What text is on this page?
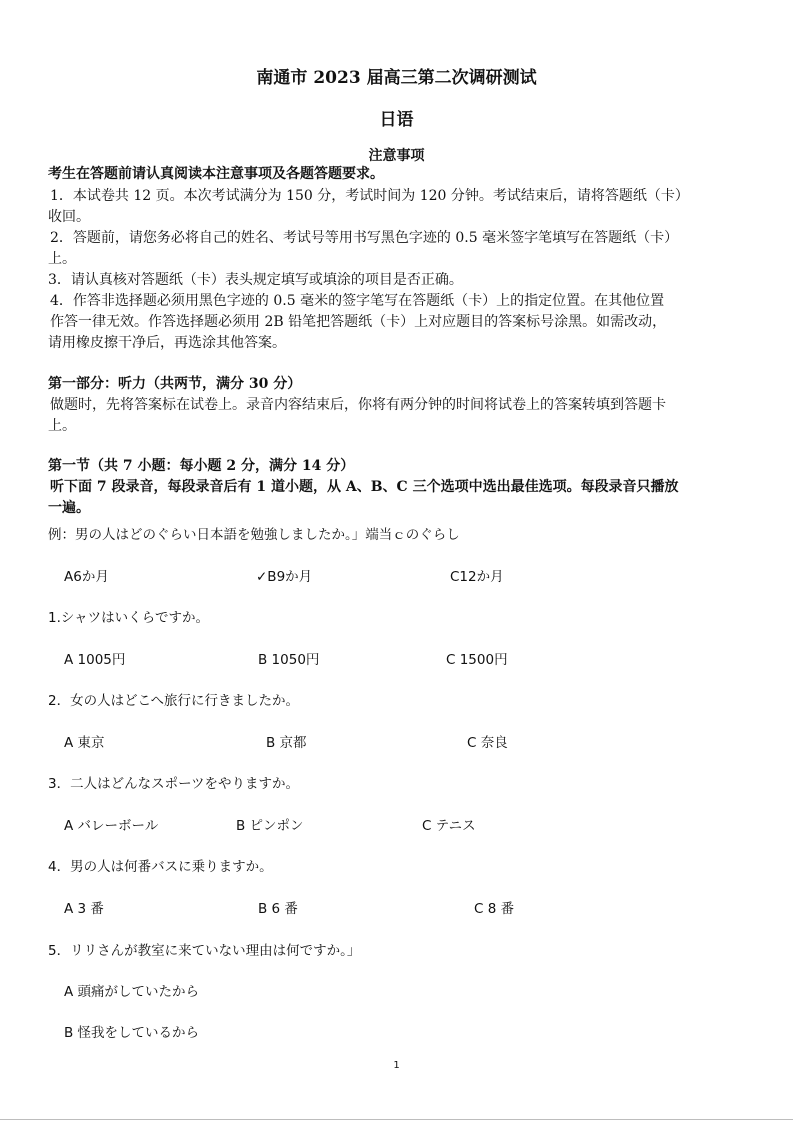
南通市 2023 届高三第二次调研测试
日语
注意事项
考生在答题前请认真阅读本注意事项及各题答题要求。
1．本试卷共 12 页。本次考试满分为 150 分，考试时间为 120 分钟。考试结束后，请将答题纸（卡）
收回。
2．答题前，请您务必将自己的姓名、考试号等用书写黑色字迹的 0.5 毫米签字笔填写在答题纸（卡）
上。
3．请认真核对答题纸（卡）表头规定填写或填涂的项目是否正确。
4．作答非选择题必须用黑色字迹的 0.5 毫米的签字笔写在答题纸（卡）上的指定位置。在其他位置
作答一律无效。作答选择题必须用 2B 铅笔把答题纸（卡）上对应题目的答案标号涂黑。如需改动，
请用橡皮擦干净后，再选涂其他答案。
第一部分：听力（共两节，满分 30 分）
做题时，先将答案标在试卷上。录音内容结束后，你将有两分钟的时间将试卷上的答案转填到答题卡
上。
第一节（共 7 小题：每小题 2 分，满分 14 分）
听下面 7 段录音，每段录音后有 1 道小题，从 A、B、C 三个选项中选出最佳选项。每段录音只播放
一遍。
例：男の人はどのぐらい日本語を勉強しましたか。」端当ｃのぐらし
A6か月	✓B9か月	C12か月
1.シャツはいくらですか。
A 1005円	B 1050円	C 1500円
2．女の人はどこへ旅行に行きましたか。
A 東京	B 京都	C 奈良
3．二人はどんなスポーツをやりますか。
A バレーボール	B ピンポン	C テニス
4．男の人は何番バスに乗りますか。
A 3 番	B 6 番	C 8 番
5．リリさんが教室に来ていない理由は何ですか。」
A 頭痛がしていたから
B 怪我をしているから
1
